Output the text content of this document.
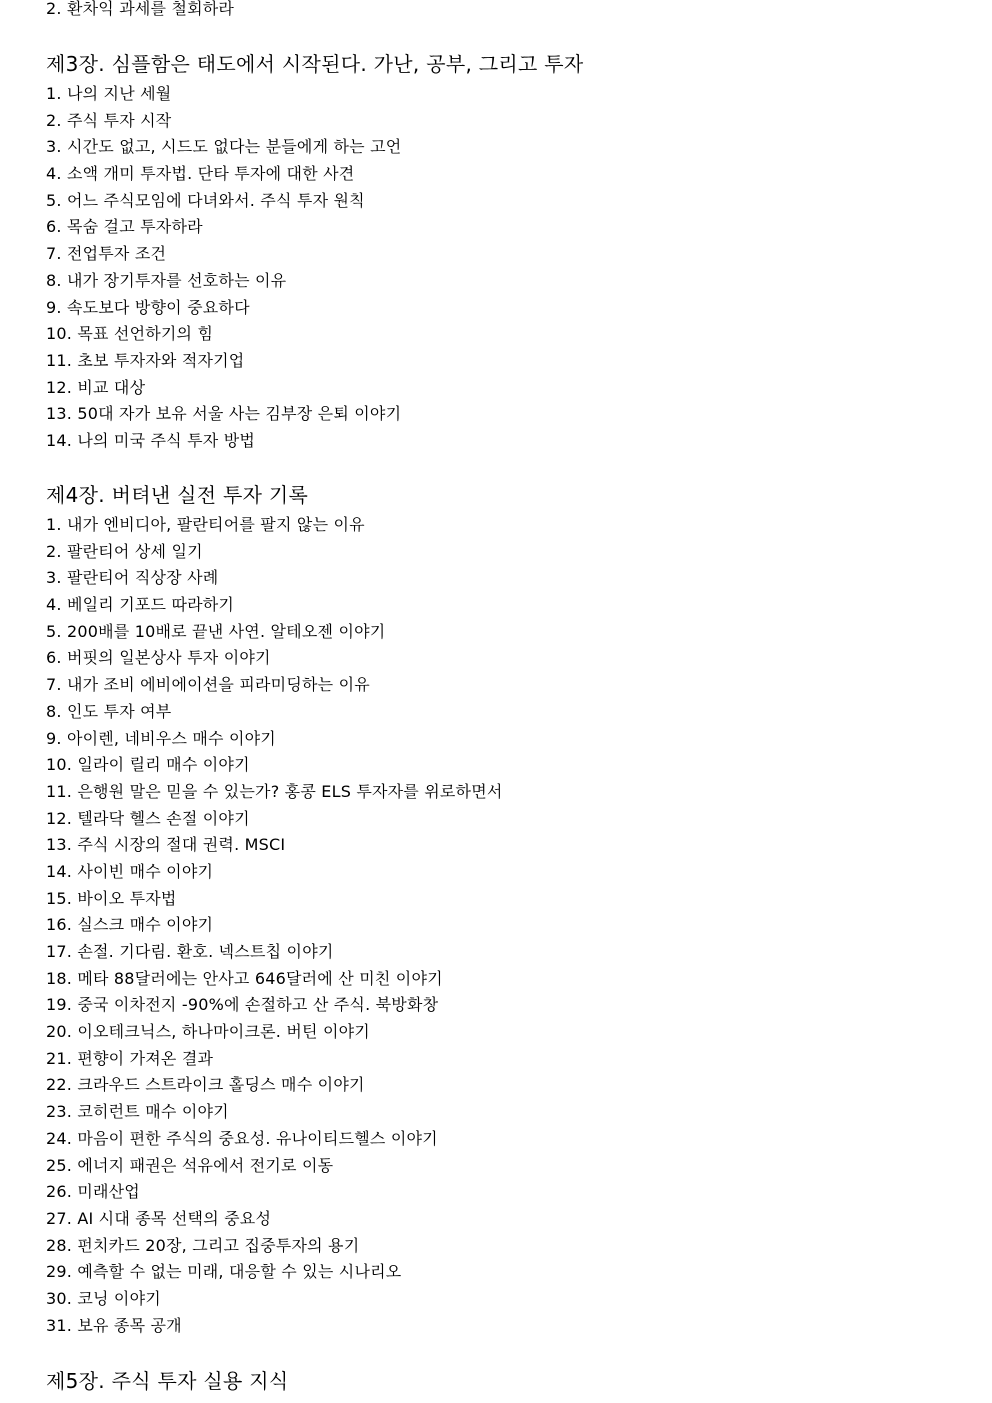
2. 환차익 과세를 철회하라
제3장. 심플함은 태도에서 시작된다. 가난, 공부, 그리고 투자
1. 나의 지난 세월
2. 주식 투자 시작
3. 시간도 없고, 시드도 없다는 분들에게 하는 고언
4. 소액 개미 투자법. 단타 투자에 대한 사견
5. 어느 주식모임에 다녀와서. 주식 투자 원칙
6. 목숨 걸고 투자하라
7. 전업투자 조건
8. 내가 장기투자를 선호하는 이유
9. 속도보다 방향이 중요하다
10. 목표 선언하기의 힘
11. 초보 투자자와 적자기업
12. 비교 대상
13. 50대 자가 보유 서울 사는 김부장 은퇴 이야기
14. 나의 미국 주식 투자 방법
제4장. 버텨낸 실전 투자 기록
1. 내가 엔비디아, 팔란티어를 팔지 않는 이유
2. 팔란티어 상세 일기
3. 팔란티어 직상장 사례
4. 베일리 기포드 따라하기
5. 200배를 10배로 끝낸 사연. 알테오젠 이야기
6. 버핏의 일본상사 투자 이야기
7. 내가 조비 에비에이션을 피라미딩하는 이유
8. 인도 투자 여부
9. 아이렌, 네비우스 매수 이야기
10. 일라이 릴리 매수 이야기
11. 은행원 말은 믿을 수 있는가? 홍콩 ELS 투자자를 위로하면서
12. 텔라닥 헬스 손절 이야기
13. 주식 시장의 절대 권력. MSCI
14. 사이빈 매수 이야기
15. 바이오 투자법
16. 실스크 매수 이야기
17. 손절. 기다림. 환호. 넥스트칩 이야기
18. 메타 88달러에는 안사고 646달러에 산 미친 이야기
19. 중국 이차전지 -90%에 손절하고 산 주식. 북방화창
20. 이오테크닉스, 하나마이크론. 버틴 이야기
21. 편향이 가져온 결과
22. 크라우드 스트라이크 홀딩스 매수 이야기
23. 코히런트 매수 이야기
24. 마음이 편한 주식의 중요성. 유나이티드헬스 이야기
25. 에너지 패권은 석유에서 전기로 이동
26. 미래산업
27. AI 시대 종목 선택의 중요성
28. 펀치카드 20장, 그리고 집중투자의 용기
29. 예측할 수 없는 미래, 대응할 수 있는 시나리오
30. 코닝 이야기
31. 보유 종목 공개
제5장. 주식 투자 실용 지식
